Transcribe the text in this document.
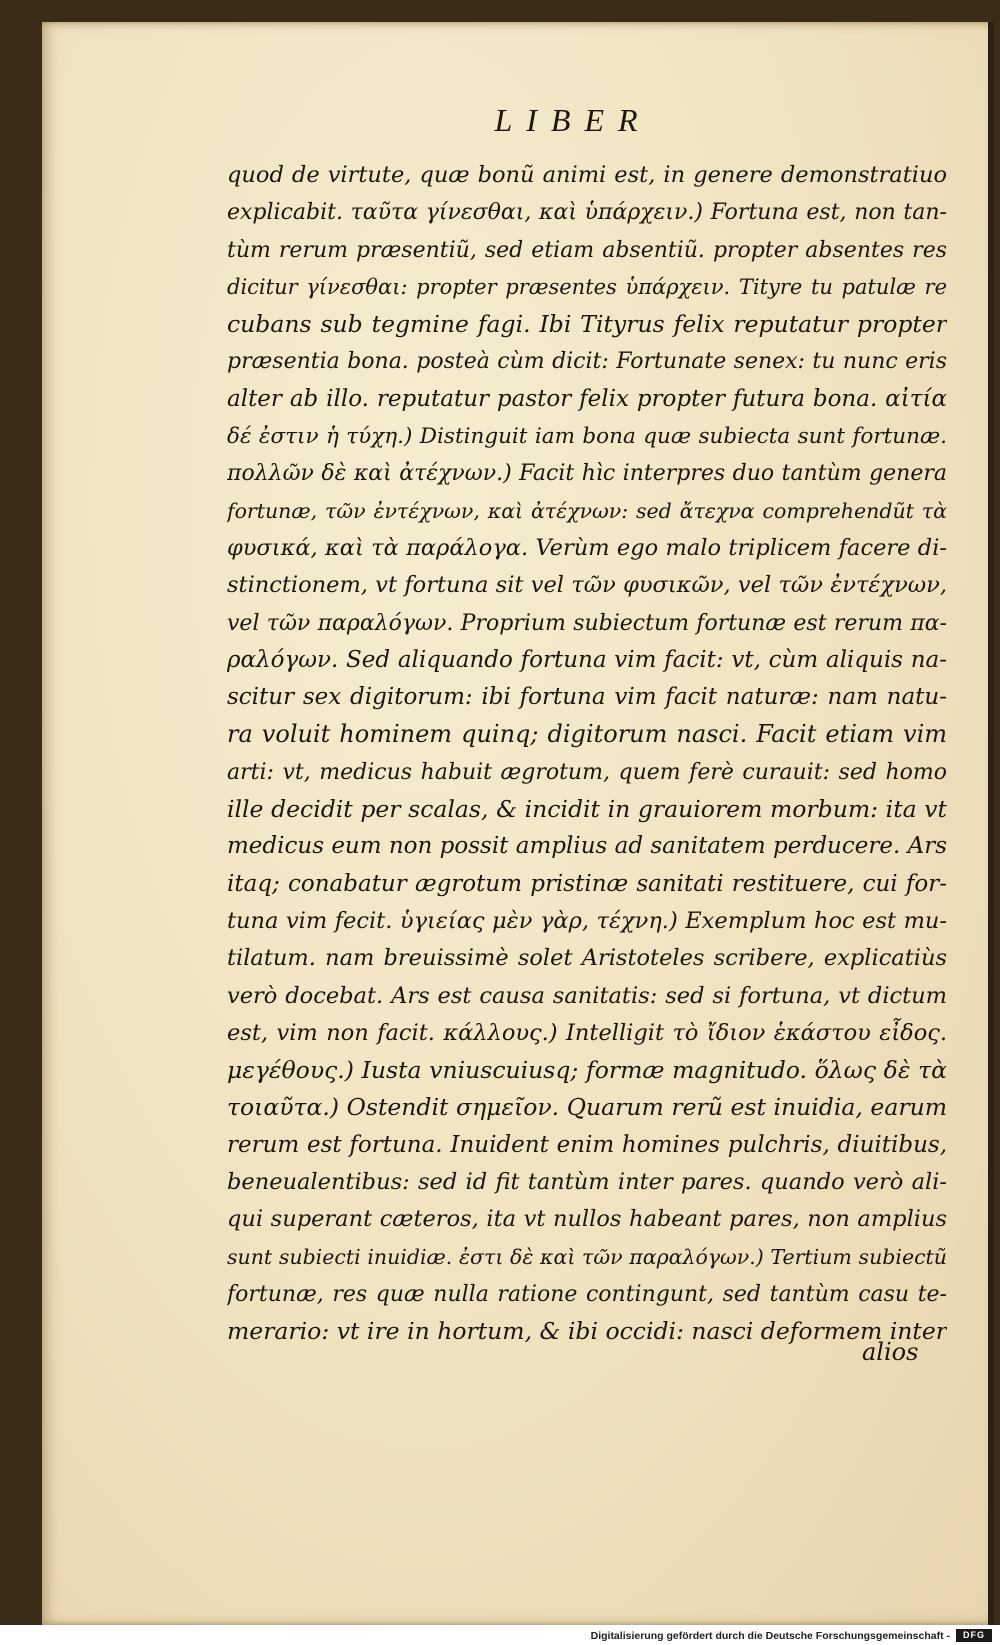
LIBER
quod de virtute, quæ bonũ animi est, in genere demonstratiuo
explicabit. ταῦτα γίνεσθαι, καὶ ὑπάρχειν.) Fortuna est, non tan-
tùm rerum præsentiũ, sed etiam absentiũ. propter absentes res
dicitur γίνεσθαι: propter præsentes ὑπάρχειν. Tityre tu patulæ re
cubans sub tegmine fagi. Ibi Tityrus felix reputatur propter
præsentia bona. posteà cùm dicit: Fortunate senex: tu nunc eris
alter ab illo. reputatur pastor felix propter futura bona. αἰτία
δέ ἐστιν ἡ τύχη.) Distinguit iam bona quæ subiecta sunt fortunæ.
πολλῶν δὲ καὶ ἀτέχνων.) Facit hìc interpres duo tantùm genera
fortunæ, τῶν ἐντέχνων, καὶ ἀτέχνων: sed ἄτεχνα comprehendũt τὰ
φυσικά, καὶ τὰ παράλογα. Verùm ego malo triplicem facere di-
stinctionem, vt fortuna sit vel τῶν φυσικῶν, vel τῶν ἐντέχνων,
vel τῶν παραλόγων. Proprium subiectum fortunæ est rerum πα-
ραλόγων. Sed aliquando fortuna vim facit: vt, cùm aliquis na-
scitur sex digitorum: ibi fortuna vim facit naturæ: nam natu-
ra voluit hominem quinq; digitorum nasci. Facit etiam vim
arti: vt, medicus habuit ægrotum, quem ferè curauit: sed homo
ille decidit per scalas, & incidit in grauiorem morbum: ita vt
medicus eum non possit amplius ad sanitatem perducere. Ars
itaq; conabatur ægrotum pristinæ sanitati restituere, cui for-
tuna vim fecit. ὑγιείας μὲν γὰρ, τέχνη.) Exemplum hoc est mu-
tilatum. nam breuissimè solet Aristoteles scribere, explicatiùs
verò docebat. Ars est causa sanitatis: sed si fortuna, vt dictum
est, vim non facit. κάλλους.) Intelligit τὸ ἴδιον ἑκάστου εἶδος.
μεγέθους.) Iusta vniuscuiusq; formæ magnitudo. ὅλως δὲ τὰ
τοιαῦτα.) Ostendit σημεῖον. Quarum rerũ est inuidia, earum
rerum est fortuna. Inuident enim homines pulchris, diuitibus,
beneualentibus: sed id fit tantùm inter pares. quando verò ali-
qui superant cæteros, ita vt nullos habeant pares, non amplius
sunt subiecti inuidiæ. ἐστι δὲ καὶ τῶν παραλόγων.) Tertium subiectũ
fortunæ, res quæ nulla ratione contingunt, sed tantùm casu te-
merario: vt ire in hortum, & ibi occidi: nasci deformem inter
alios
Digitalisierung gefördert durch die Deutsche Forschungsgemeinschaft -	DFG
